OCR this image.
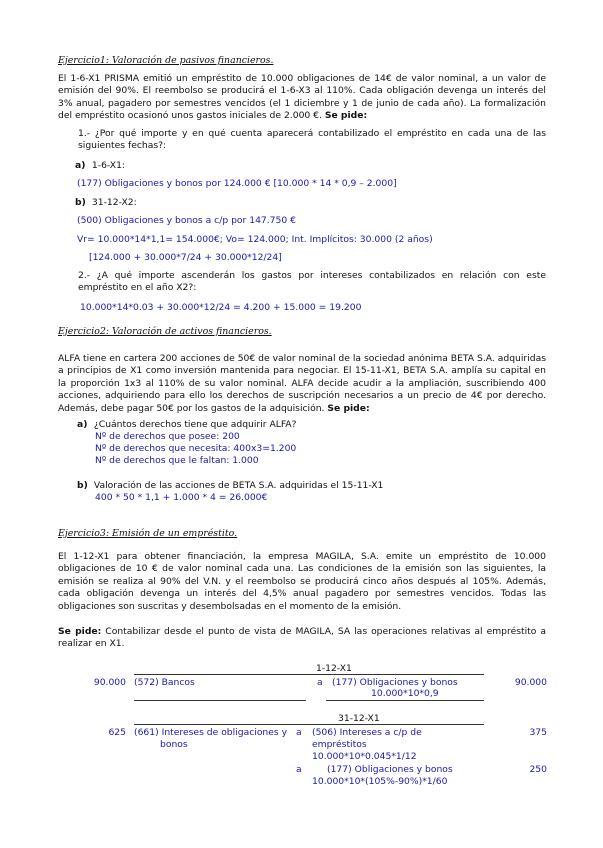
Ejercicio1: Valoración de pasivos financieros.
El 1-6-X1 PRISMA emitió un empréstito de 10.000 obligaciones de 14€ de valor nominal, a un valor de emisión del 90%. El reembolso se producirá el 1-6-X3 al 110%. Cada obligación devenga un interés del 3% anual, pagadero por semestres vencidos (el 1 diciembre y 1 de junio de cada año). La formalización del empréstito ocasionó unos gastos iniciales de 2.000 €. Se pide:
1.- ¿Por qué importe y en qué cuenta aparecerá contabilizado el empréstito en cada una de las siguientes fechas?:
a) 1-6-X1:
(177) Obligaciones y bonos por 124.000 € [10.000 * 14 * 0,9 – 2.000]
b) 31-12-X2:
(500) Obligaciones y bonos a c/p por 147.750 €
Vr= 10.000*14*1,1= 154.000€; Vo= 124.000; Int. Implícitos: 30.000 (2 años)
[124.000 + 30.000*7/24 + 30.000*12/24]
2.- ¿A qué importe ascenderán los gastos por intereses contabilizados en relación con este empréstito en el año X2?:
10.000*14*0.03 + 30.000*12/24 = 4.200 + 15.000 = 19.200
Ejercicio2: Valoración de activos financieros.
ALFA tiene en cartera 200 acciones de 50€ de valor nominal de la sociedad anónima BETA S.A. adquiridas a principios de X1 como inversión mantenida para negociar. El 15-11-X1, BETA S.A. amplía su capital en la proporción 1x3 al 110% de su valor nominal. ALFA decide acudir a la ampliación, suscribiendo 400 acciones, adquiriendo para ello los derechos de suscripción necesarios a un precio de 4€ por derecho. Además, debe pagar 50€ por los gastos de la adquisición. Se pide:
a) ¿Cuántos derechos tiene que adquirir ALFA?
Nº de derechos que posee: 200
Nº de derechos que necesita: 400x3=1.200
Nº de derechos que le faltan: 1.000
b) Valoración de las acciones de BETA S.A. adquiridas el 15-11-X1
400 * 50 * 1,1 + 1.000 * 4 = 26.000€
Ejercicio3: Emisión de un empréstito.
El 1-12-X1 para obtener financiación, la empresa MAGILA, S.A. emite un empréstito de 10.000 obligaciones de 10 € de valor nominal cada una. Las condiciones de la emisión son las siguientes, la emisión se realiza al 90% del V.N. y el reembolso se producirá cinco años después al 105%. Además, cada obligación devenga un interés del 4,5% anual pagadero por semestres vencidos. Todas las obligaciones son suscritas y desembolsadas en el momento de la emisión.
Se pide: Contabilizar desde el punto de vista de MAGILA, SA las operaciones relativas al empréstito a realizar en X1.
1-12-X1
90.000 (572) Bancos	a (177) Obligaciones y bonos
10.000*10*0,9
90.000
31-12-X1
625 (661) Intereses de obligaciones y
bonos
a (506) Intereses a c/p de
empréstitos
10.000*10*0.045*1/12
375
a	(177) Obligaciones y bonos
10.000*10*(105%-90%)*1/60
250
